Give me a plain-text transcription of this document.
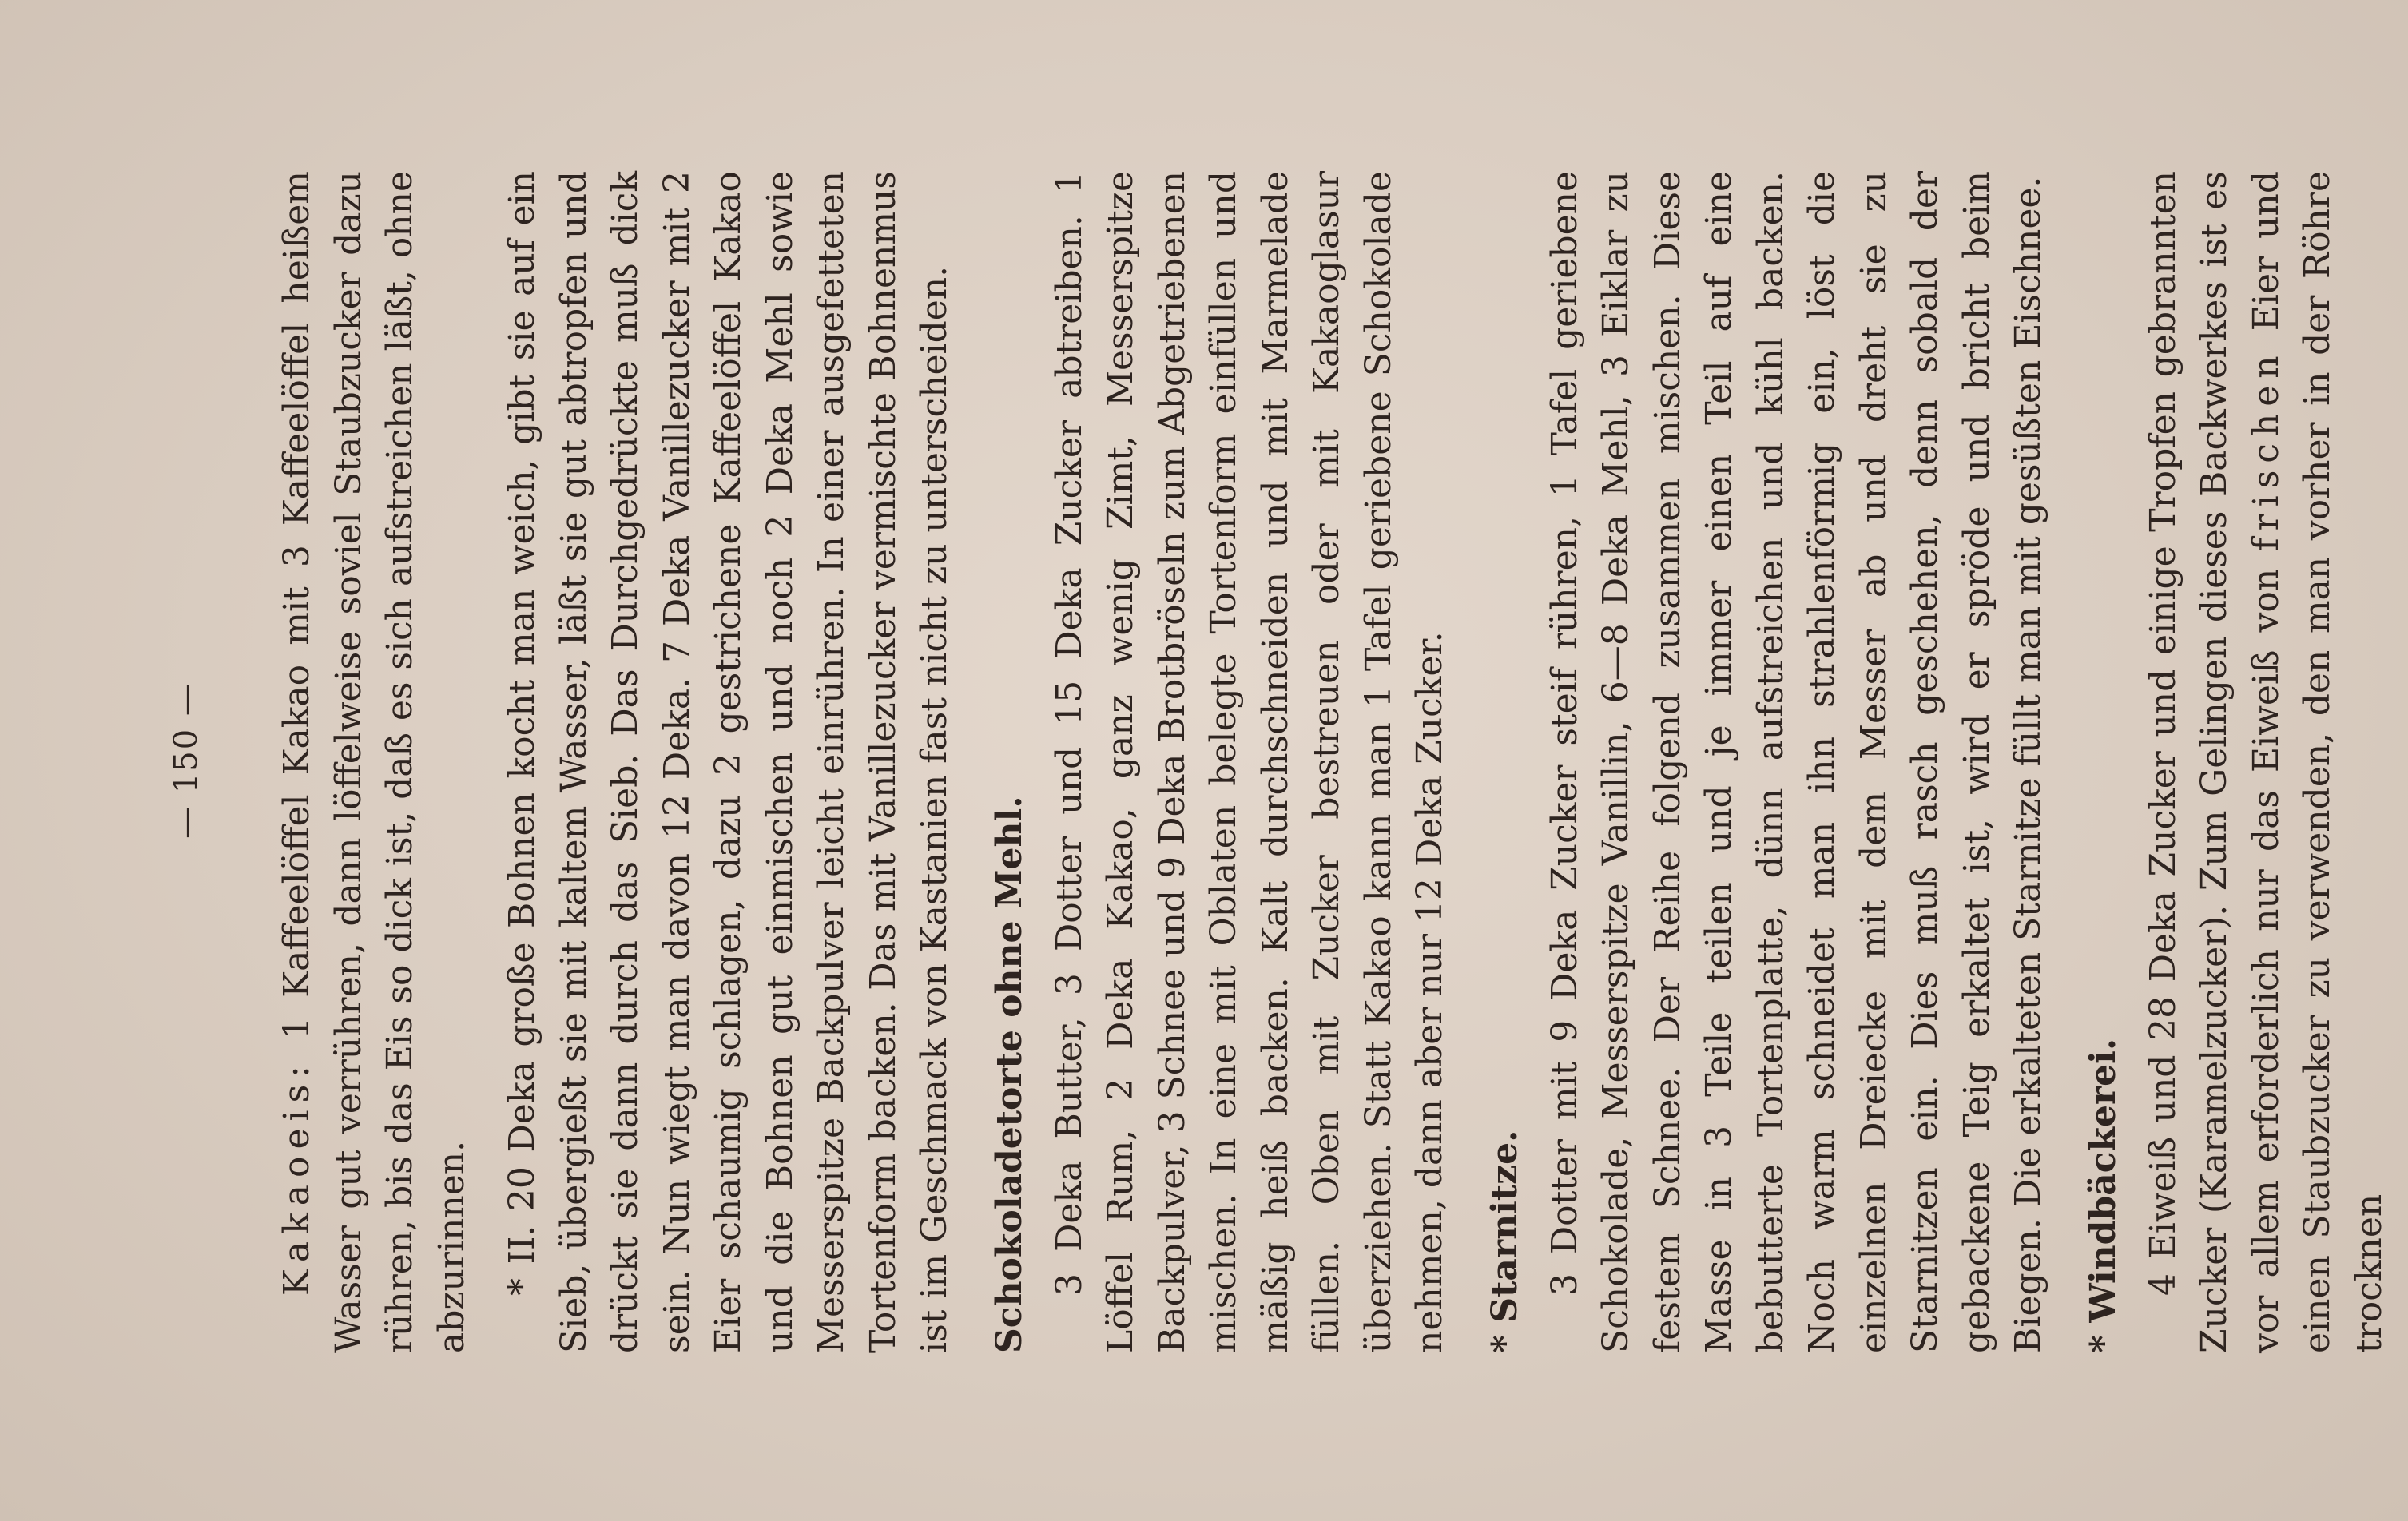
— 150 —

Kakaoeis: 1 Kaffeelöffel Kakao mit 3 Kaffeelöffel heißem Wasser gut verrühren, dann löffelweise soviel Staubzucker dazu rühren, bis das Eis so dick ist, daß es sich aufstreichen läßt, ohne abzurinnen. * II. 20 Deka große Bohnen kocht man weich, gibt sie auf ein Sieb, übergießt sie mit kaltem Wasser, läßt sie gut abtropfen und drückt sie dann durch das Sieb. Das Durchgedrückte muß dick sein. Nun wiegt man davon 12 Deka. 7 Deka Vanillezucker mit 2 Eier schaumig schlagen, dazu 2 gestrichene Kaffeelöffel Kakao und die Bohnen gut einmischen und noch 2 Deka Mehl sowie Messerspitze Backpulver leicht einrühren. In einer ausgefetteten Tortenform backen. Das mit Vanillezucker vermischte Bohnenmus ist im Geschmack von Kastanien fast nicht zu unterscheiden. Schokoladetorte ohne Mehl. 3 Deka Butter, 3 Dotter und 15 Deka Zucker abtreiben. 1 Löffel Rum, 2 Deka Kakao, ganz wenig Zimt, Messerspitze Backpulver, 3 Schnee und 9 Deka Brotbröseln zum Abgetriebenen mischen. In eine mit Oblaten belegte Tortenform einfüllen und mäßig heiß backen. Kalt durchschneiden und mit Marmelade füllen. Oben mit Zucker bestreuen oder mit Kakaoglasur überziehen. Statt Kakao kann man 1 Tafel geriebene Schokolade nehmen, dann aber nur 12 Deka Zucker. * Starnitze. 3 Dotter mit 9 Deka Zucker steif rühren, 1 Tafel geriebene Schokolade, Messerspitze Vanillin, 6—8 Deka Mehl, 3 Eiklar zu festem Schnee. Der Reihe folgend zusammen mischen. Diese Masse in 3 Teile teilen und je immer einen Teil auf eine bebutterte Tortenplatte, dünn aufstreichen und kühl backen. Noch warm schneidet man ihn strahlenförmig ein, löst die einzelnen Dreiecke mit dem Messer ab und dreht sie zu Starnitzen ein. Dies muß rasch geschehen, denn sobald der gebackene Teig erkaltet ist, wird er spröde und bricht beim Biegen. Die erkalteten Starnitze füllt man mit gesüßten Eischnee. * Windbäckerei. 4 Eiweiß und 28 Deka Zucker und einige Tropfen gebrannten Zucker (Karamelzucker). Zum Gelingen dieses Backwerkes ist es vor allem erforderlich nur das Eiweiß von frischen Eier und einen Staubzucker zu verwenden, den man vorher in der Röhre trocknen
